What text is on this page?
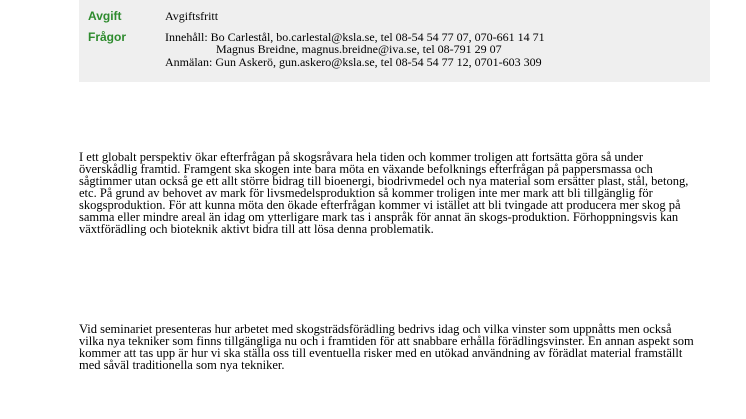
Avgift	Avgiftsfritt
Frågor	Innehåll: Bo Carlestål, bo.carlestal@ksla.se, tel 08-54 54 77 07, 070-661 14 71
Magnus Breidne, magnus.breidne@iva.se, tel 08-791 29 07
Anmälan: Gun Askerö, gun.askero@ksla.se, tel 08-54 54 77 12, 0701-603 309

I ett globalt perspektiv ökar efterfrågan på skogsråvara hela tiden och kommer troligen att fortsätta göra så under överskådlig framtid. Framgent ska skogen inte bara möta en växande befolknings efterfrågan på pappersmassa och sågtimmer utan också ge ett allt större bidrag till bioenergi, biodrivmedel och nya material som ersätter plast, stål, betong, etc. På grund av behovet av mark för livsmedelsproduktion så kommer troligen inte mer mark att bli tillgänglig för skogsproduktion. För att kunna möta den ökade efterfrågan kommer vi istället att bli tvingade att producera mer skog på samma eller mindre areal än idag om ytterligare mark tas i anspråk för annat än skogs-produktion. Förhoppningsvis kan växtförädling och bioteknik aktivt bidra till att lösa denna problematik.

Vid seminariet presenteras hur arbetet med skogsträdsförädling bedrivs idag och vilka vinster som uppnåtts men också vilka nya tekniker som finns tillgängliga nu och i framtiden för att snabbare erhålla förädlingsvinster. En annan aspekt som kommer att tas upp är hur vi ska ställa oss till eventuella risker med en utökad användning av förädlat material framställt med såväl traditionella som nya tekniker.
